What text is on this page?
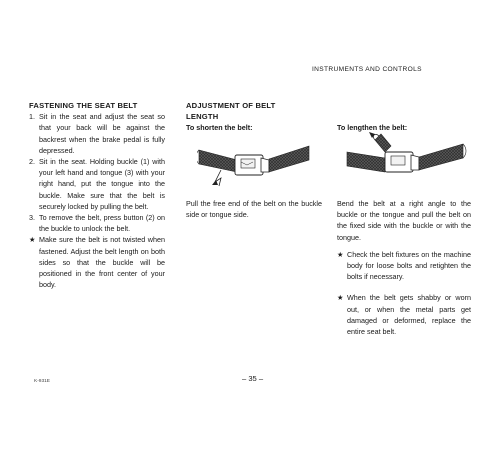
INSTRUMENTS AND CONTROLS
FASTENING THE SEAT BELT
1. Sit in the seat and adjust the seat so that your back will be against the backrest when the brake pedal is fully depressed.
2. Sit in the seat. Holding buckle (1) with your left hand and tongue (3) with your right hand, put the tongue into the buckle. Make sure that the belt is securely locked by pulling the belt.
3. To remove the belt, press button (2) on the buckle to unlock the belt.
★ Make sure the belt is not twisted when fastened. Adjust the belt length on both sides so that the buckle will be positioned in the front center of your body.
ADJUSTMENT OF BELT
LENGTH
To shorten the belt:
Pull the free end of the belt on the buckle side or tongue side.
To lengthen the belt:
Bend the belt at a right angle to the buckle or the tongue and pull the belt on the fixed side with the buckle or with the tongue.
★ Check the belt fixtures on the machine body for loose bolts and retighten the bolts if necessary.
★ When the belt gets shabby or worn out, or when the metal parts get damaged or deformed, replace the entire seat belt.
– 35 –
K-931E
